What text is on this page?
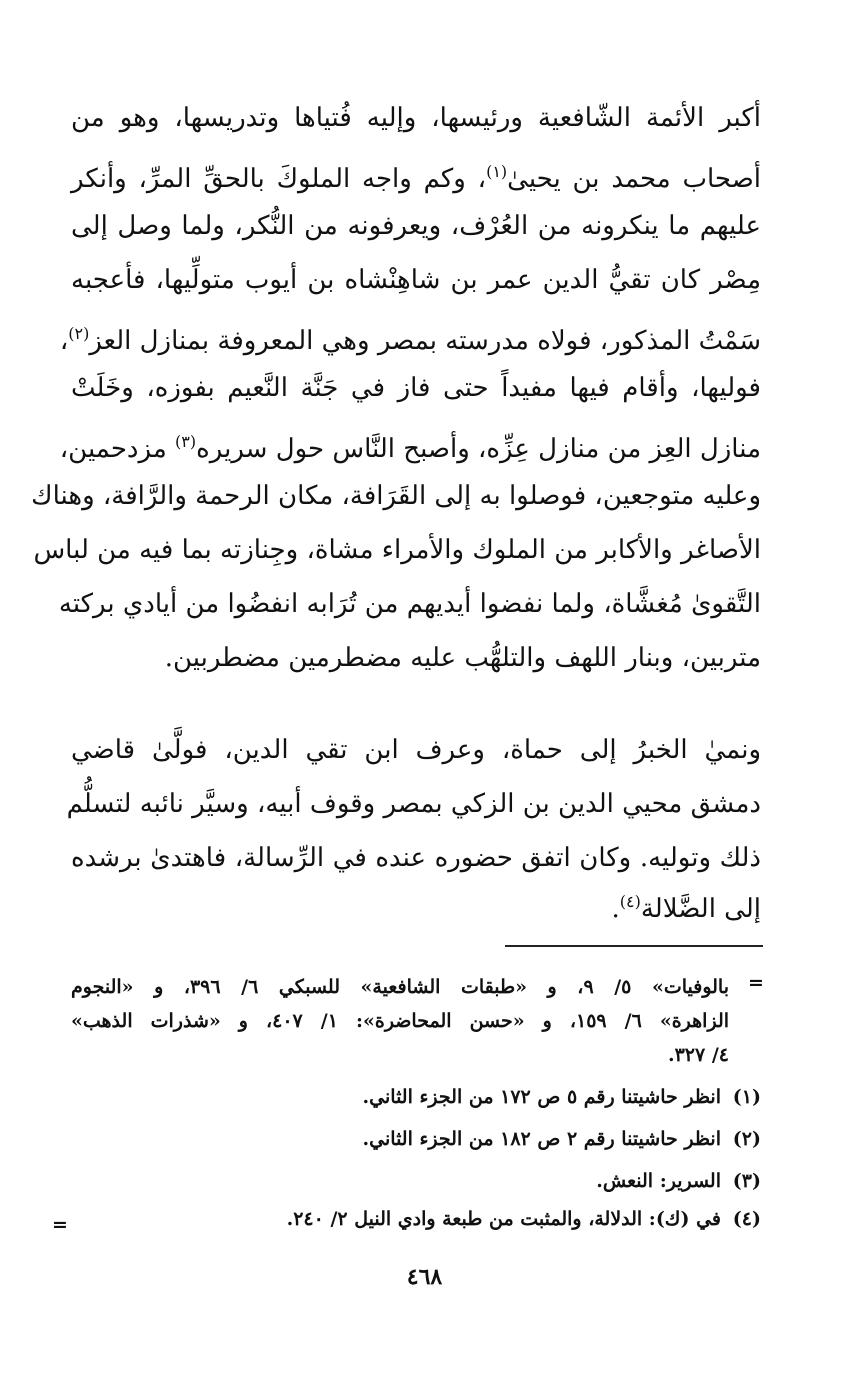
أكبر الأئمة الشّافعية ورئيسها، وإليه فُتياها وتدريسها، وهو من
أصحاب محمد بن يحيىٰ$^{(١)}$، وكم واجه الملوكَ بالحقِّ المرِّ، وأنكر
عليهم ما ينكرونه من العُرْف، ويعرفونه من النُّكر، ولما وصل إلى
مِصْر كان تقيُّ الدين عمر بن شاهِنْشاه بن أيوب متولِّيها، فأعجبه
سَمْتُ المذكور، فولاه مدرسته بمصر وهي المعروفة بمنازل العز$^{(٢)}$،
فوليها، وأقام فيها مفيداً حتى فاز في جَنَّة النَّعيم بفوزه، وخَلَتْ
منازل العِز من منازل عِزِّه، وأصبح النَّاس حول سريره$^{(٣)}$ مزدحمين،
وعليه متوجعين، فوصلوا به إلى القَرَافة، مكان الرحمة والرَّافة، وهناك
الأصاغر والأكابر من الملوك والأمراء مشاة، وجِنازته بما فيه من لباس
التَّقوىٰ مُغشَّاة، ولما نفضوا أيديهم من تُرَابه انفضُوا من أيادي بركته
متربين، وبنار اللهف والتلهُّب عليه مضطرمين مضطربين.
ونميٰ الخبرُ إلى حماة، وعرف ابن تقي الدين، فولَّىٰ قاضي
دمشق محيي الدين بن الزكي بمصر وقوف أبيه، وسيَّر نائبه لتسلُّم
ذلك وتوليه. وكان اتفق حضوره عنده في الرِّسالة، فاهتدىٰ برشده
إلى الضَّلالة$^{(٤)}$.
=
بالوفيات» ٥/ ٩، و «طبقات الشافعية» للسبكي ٦/ ٣٩٦، و «النجوم
الزاهرة» ٦/ ١٥٩، و «حسن المحاضرة»: ١/ ٤٠٧، و «شذرات الذهب»
٤/ ٣٢٧.
(١)انظر حاشيتنا رقم ٥ ص ١٧٢ من الجزء الثاني.
(٢)انظر حاشيتنا رقم ٢ ص ١٨٢ من الجزء الثاني.
(٣)السرير: النعش.
(٤)في (ك): الدلالة، والمثبت من طبعة وادي النيل ٢/ ٢٤٠.
=
٤٦٨
